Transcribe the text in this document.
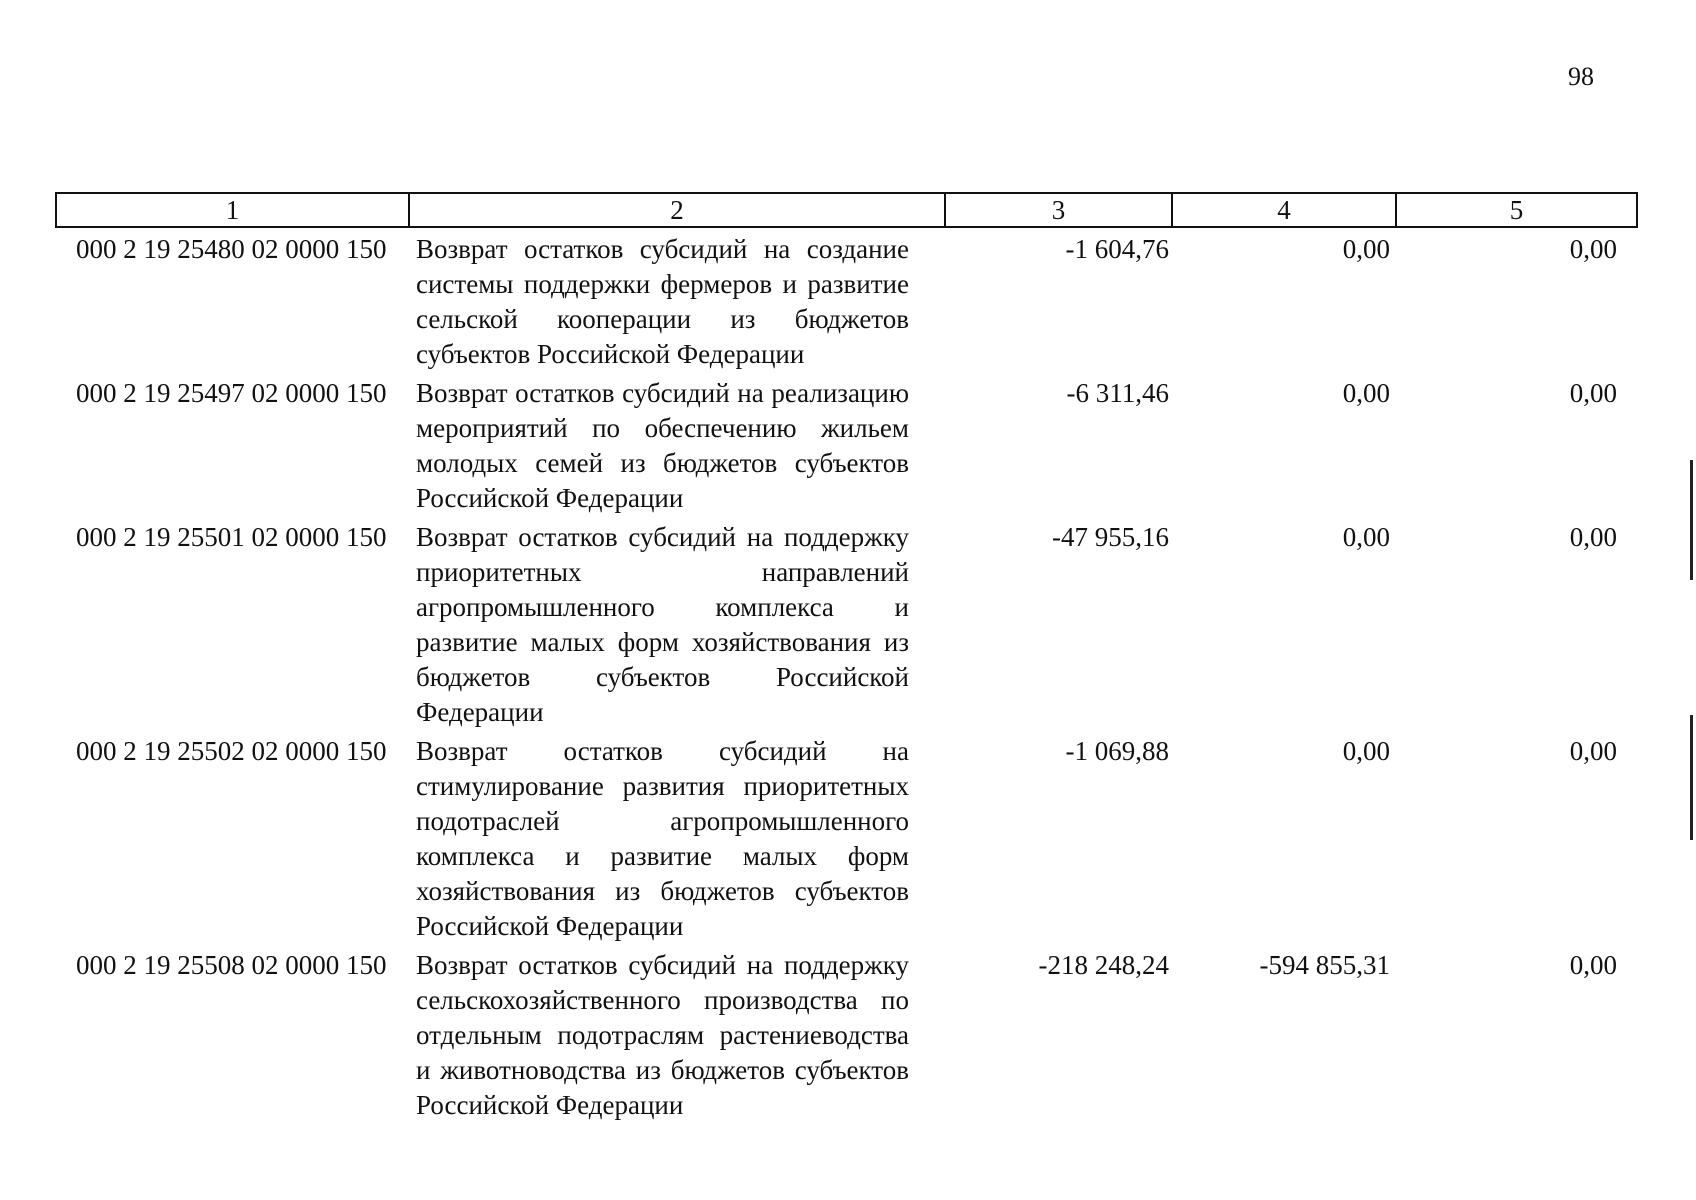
98
1	2	3	4	5
000 2 19 25480 02 0000 150	Возврат остатков субсидий на создание системы поддержки фермеров и развитие сельской кооперации из бюджетов субъектов Российской Федерации	-1 604,76	0,00	0,00
000 2 19 25497 02 0000 150	Возврат остатков субсидий на реализацию мероприятий по обеспечению жильем молодых семей из бюджетов субъектов Российской Федерации	-6 311,46	0,00	0,00
000 2 19 25501 02 0000 150	Возврат остатков субсидий на поддержку приоритетных направлений агропромышленного комплекса и развитие малых форм хозяйствования из бюджетов субъектов Российской Федерации	-47 955,16	0,00	0,00
000 2 19 25502 02 0000 150	Возврат остатков субсидий на стимулирование развития приоритетных подотраслей агропромышленного комплекса и развитие малых форм хозяйствования из бюджетов субъектов Российской Федерации	-1 069,88	0,00	0,00
000 2 19 25508 02 0000 150	Возврат остатков субсидий на поддержку сельскохозяйственного производства по отдельным подотраслям растениеводства и животноводства из бюджетов субъектов Российской Федерации	-218 248,24	-594 855,31	0,00
